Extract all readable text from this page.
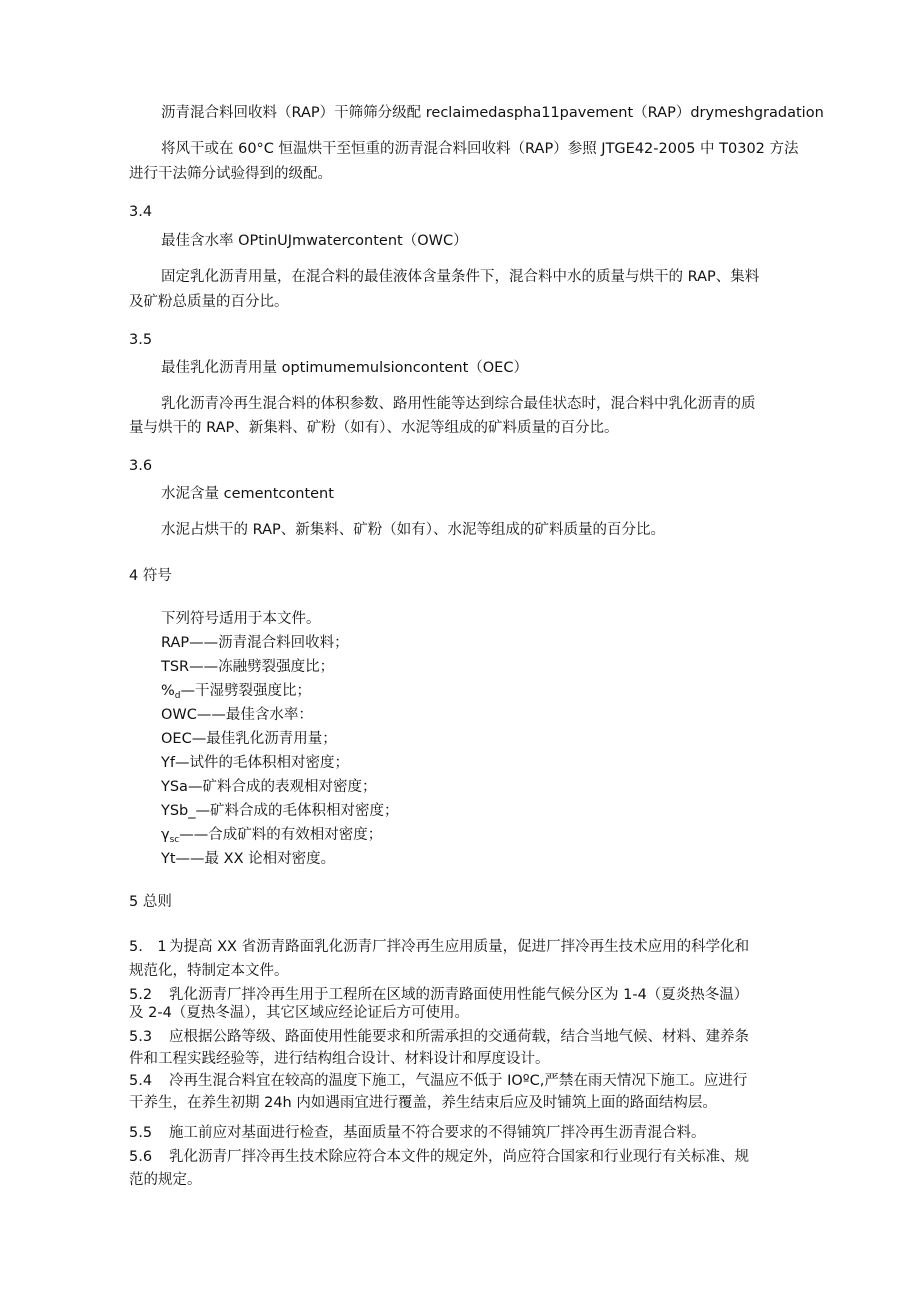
沥青混合料回收料（RAP）干筛筛分级配 reclaimedaspha11pavement（RAP）drymeshgradation
将风干或在 60°C 恒温烘干至恒重的沥青混合料回收料（RAP）参照 JTGE42-2005 中 T0302 方法
进行干法筛分试验得到的级配。
3.4
最佳含水率 OPtinUJmwatercontent（OWC）
固定乳化沥青用量，在混合料的最佳液体含量条件下，混合料中水的质量与烘干的 RAP、集料
及矿粉总质量的百分比。
3.5
最佳乳化沥青用量 optimumemulsioncontent（OEC）
乳化沥青冷再生混合料的体积参数、路用性能等达到综合最佳状态时，混合料中乳化沥青的质
量与烘干的 RAP、新集料、矿粉（如有）、水泥等组成的矿料质量的百分比。
3.6
水泥含量 cementcontent
水泥占烘干的 RAP、新集料、矿粉（如有）、水泥等组成的矿料质量的百分比。
4 符号
下列符号适用于本文件。
RAP——沥青混合料回收料；
TSR——冻融劈裂强度比；
$\%_d—$干湿劈裂强度比；
OWC——最佳含水率：
OEC—最佳乳化沥青用量；
Yf—试件的毛体积相对密度；
YSa—矿料合成的表观相对密度；
YSb_—矿料合成的毛体积相对密度；
$\gamma_{sc}——$合成矿料的有效相对密度；
Yt——最 XX 论相对密度。
5 总则
5.　1 为提高 XX 省沥青路面乳化沥青厂拌冷再生应用质量，促进厂拌冷再生技术应用的科学化和
规范化，特制定本文件。
5.2 乳化沥青厂拌冷再生用于工程所在区域的沥青路面使用性能气候分区为 1-4（夏炎热冬温）
及 2-4（夏热冬温），其它区域应经论证后方可使用。
5.3 应根据公路等级、路面使用性能要求和所需承担的交通荷载，结合当地气候、材料、建养条
件和工程实践经验等，进行结构组合设计、材料设计和厚度设计。
5.4 冷再生混合料宜在较高的温度下施工，气温应不低于 IOºC,严禁在雨天情况下施工。应进行
干养生，在养生初期 24h 内如遇雨宜进行覆盖，养生结束后应及时铺筑上面的路面结构层。
5.5 施工前应对基面进行检查，基面质量不符合要求的不得铺筑厂拌冷再生沥青混合料。
5.6 乳化沥青厂拌冷再生技术除应符合本文件的规定外，尚应符合国家和行业现行有关标准、规
范的规定。
